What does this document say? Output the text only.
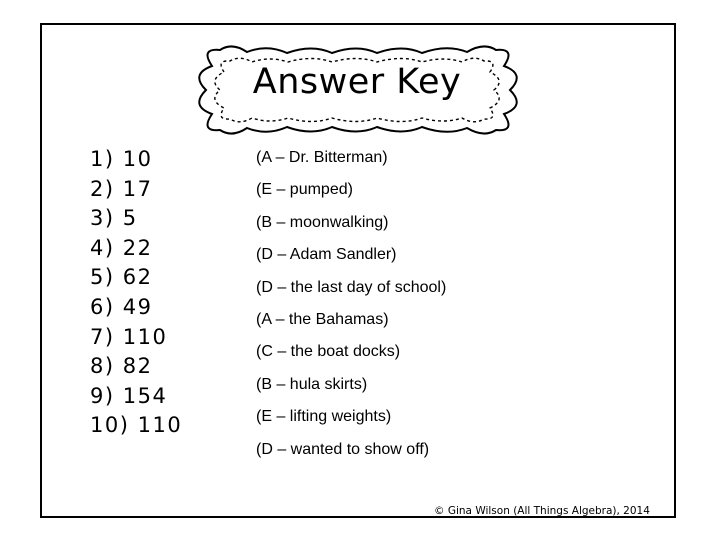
Answer Key
1) 10
2) 17
3) 5
4) 22
5) 62
6) 49
7) 110
8) 82
9) 154
10) 110
(A – Dr. Bitterman)
(E – pumped)
(B – moonwalking)
(D – Adam Sandler)
(D – the last day of school)
(A – the Bahamas)
(C – the boat docks)
(B – hula skirts)
(E – lifting weights)
(D – wanted to show off)
© Gina Wilson (All Things Algebra), 2014
